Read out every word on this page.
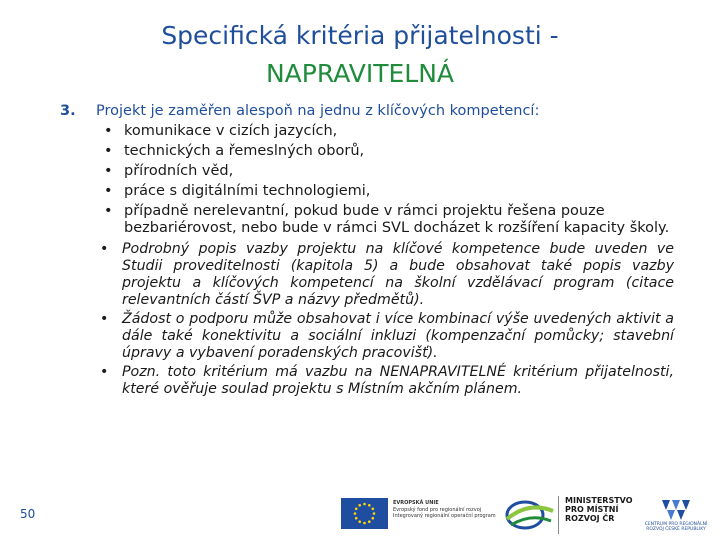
Specifická kritéria přijatelnosti -
NAPRAVITELNÁ
3. Projekt je zaměřen alespoň na jednu z klíčových kompetencí:
• komunikace v cizích jazycích,
• technických a řemeslných oborů,
• přírodních věd,
• práce s digitálními technologiemi,
• případně nerelevantní, pokud bude v rámci projektu řešena pouze bezbariérovost, nebo bude v rámci SVL docházet k rozšíření kapacity školy.
• Podrobný popis vazby projektu na klíčové kompetence bude uveden ve Studii proveditelnosti (kapitola 5) a bude obsahovat také popis vazby projektu a klíčových kompetencí na školní vzdělávací program (citace relevantních částí ŠVP a názvy předmětů).
• Žádost o podporu může obsahovat i více kombinací výše uvedených aktivit a dále také konektivitu a sociální inkluzi (kompenzační pomůcky; stavební úpravy a vybavení poradenských pracovišť).
• Pozn. toto kritérium má vazbu na NENAPRAVITELNÉ kritérium přijatelnosti, které ověřuje soulad projektu s Místním akčním plánem.
50
EVROPSKÁ UNIE
Evropský fond pro regionální rozvoj
Integrovaný regionální operační program
MINISTERSTVO
PRO MÍSTNÍ
ROZVOJ ČR
CENTRUM PRO REGIONÁLNÍ ROZVOJ ČESKÉ REPUBLIKY
